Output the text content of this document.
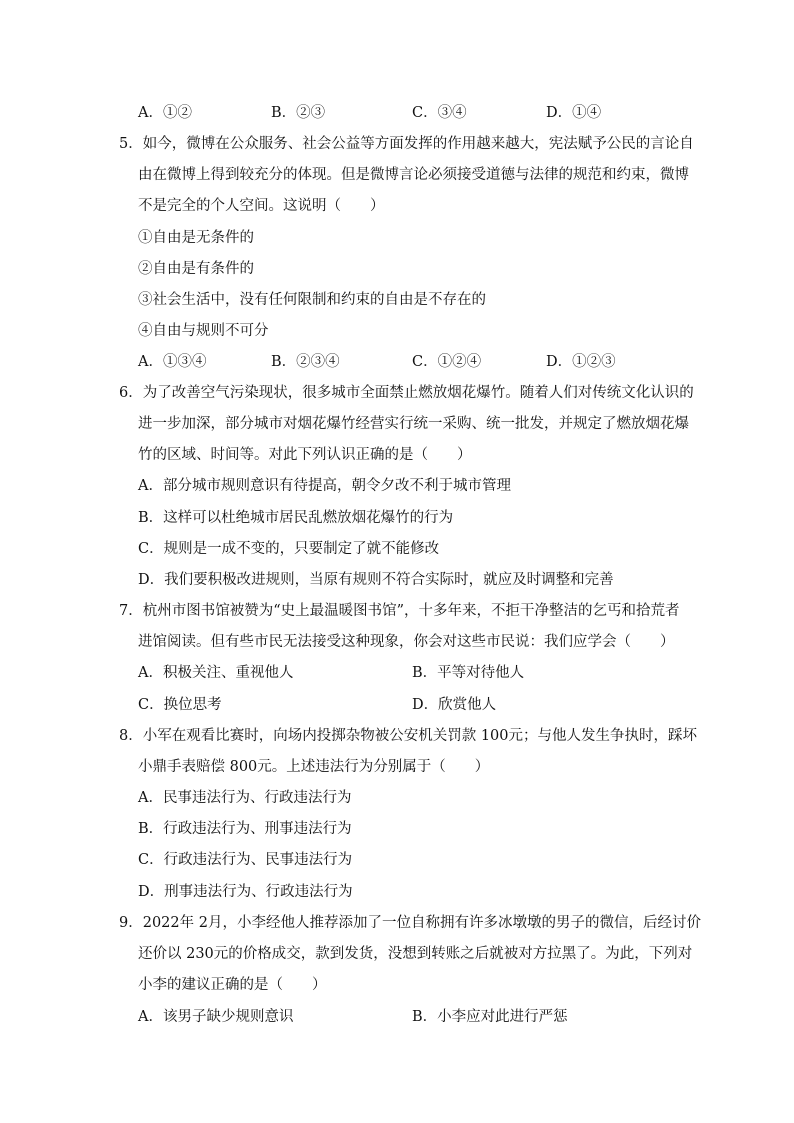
A．①②	B．②③	C．③④	D．①④
5．如今，微博在公众服务、社会公益等方面发挥的作用越来越大，宪法赋予公民的言论自
由在微博上得到较充分的体现。但是微博言论必须接受道德与法律的规范和约束，微博
不是完全的个人空间。这说明（　　）
①自由是无条件的
②自由是有条件的
③社会生活中，没有任何限制和约束的自由是不存在的
④自由与规则不可分
A．①③④	B．②③④	C．①②④	D．①②③
6．为了改善空气污染现状，很多城市全面禁止燃放烟花爆竹。随着人们对传统文化认识的
进一步加深，部分城市对烟花爆竹经营实行统一采购、统一批发，并规定了燃放烟花爆
竹的区域、时间等。对此下列认识正确的是（　　）
A．部分城市规则意识有待提高，朝令夕改不利于城市管理
B．这样可以杜绝城市居民乱燃放烟花爆竹的行为
C．规则是一成不变的，只要制定了就不能修改
D．我们要积极改进规则，当原有规则不符合实际时，就应及时调整和完善
7．杭州市图书馆被赞为“史上最温暖图书馆”，十多年来，不拒干净整洁的乞丐和拾荒者
进馆阅读。但有些市民无法接受这种现象，你会对这些市民说：我们应学会（　　）
A．积极关注、重视他人	B．平等对待他人
C．换位思考	D．欣赏他人
8．小军在观看比赛时，向场内投掷杂物被公安机关罚款 100元；与他人发生争执时，踩坏
小鼎手表赔偿 800元。上述违法行为分别属于（　　）
A．民事违法行为、行政违法行为
B．行政违法行为、刑事违法行为
C．行政违法行为、民事违法行为
D．刑事违法行为、行政违法行为
9．2022年 2月，小李经他人推荐添加了一位自称拥有许多冰墩墩的男子的微信，后经讨价
还价以 230元的价格成交，款到发货，没想到转账之后就被对方拉黑了。为此，下列对
小李的建议正确的是（　　）
A．该男子缺少规则意识	B．小李应对此进行严惩
